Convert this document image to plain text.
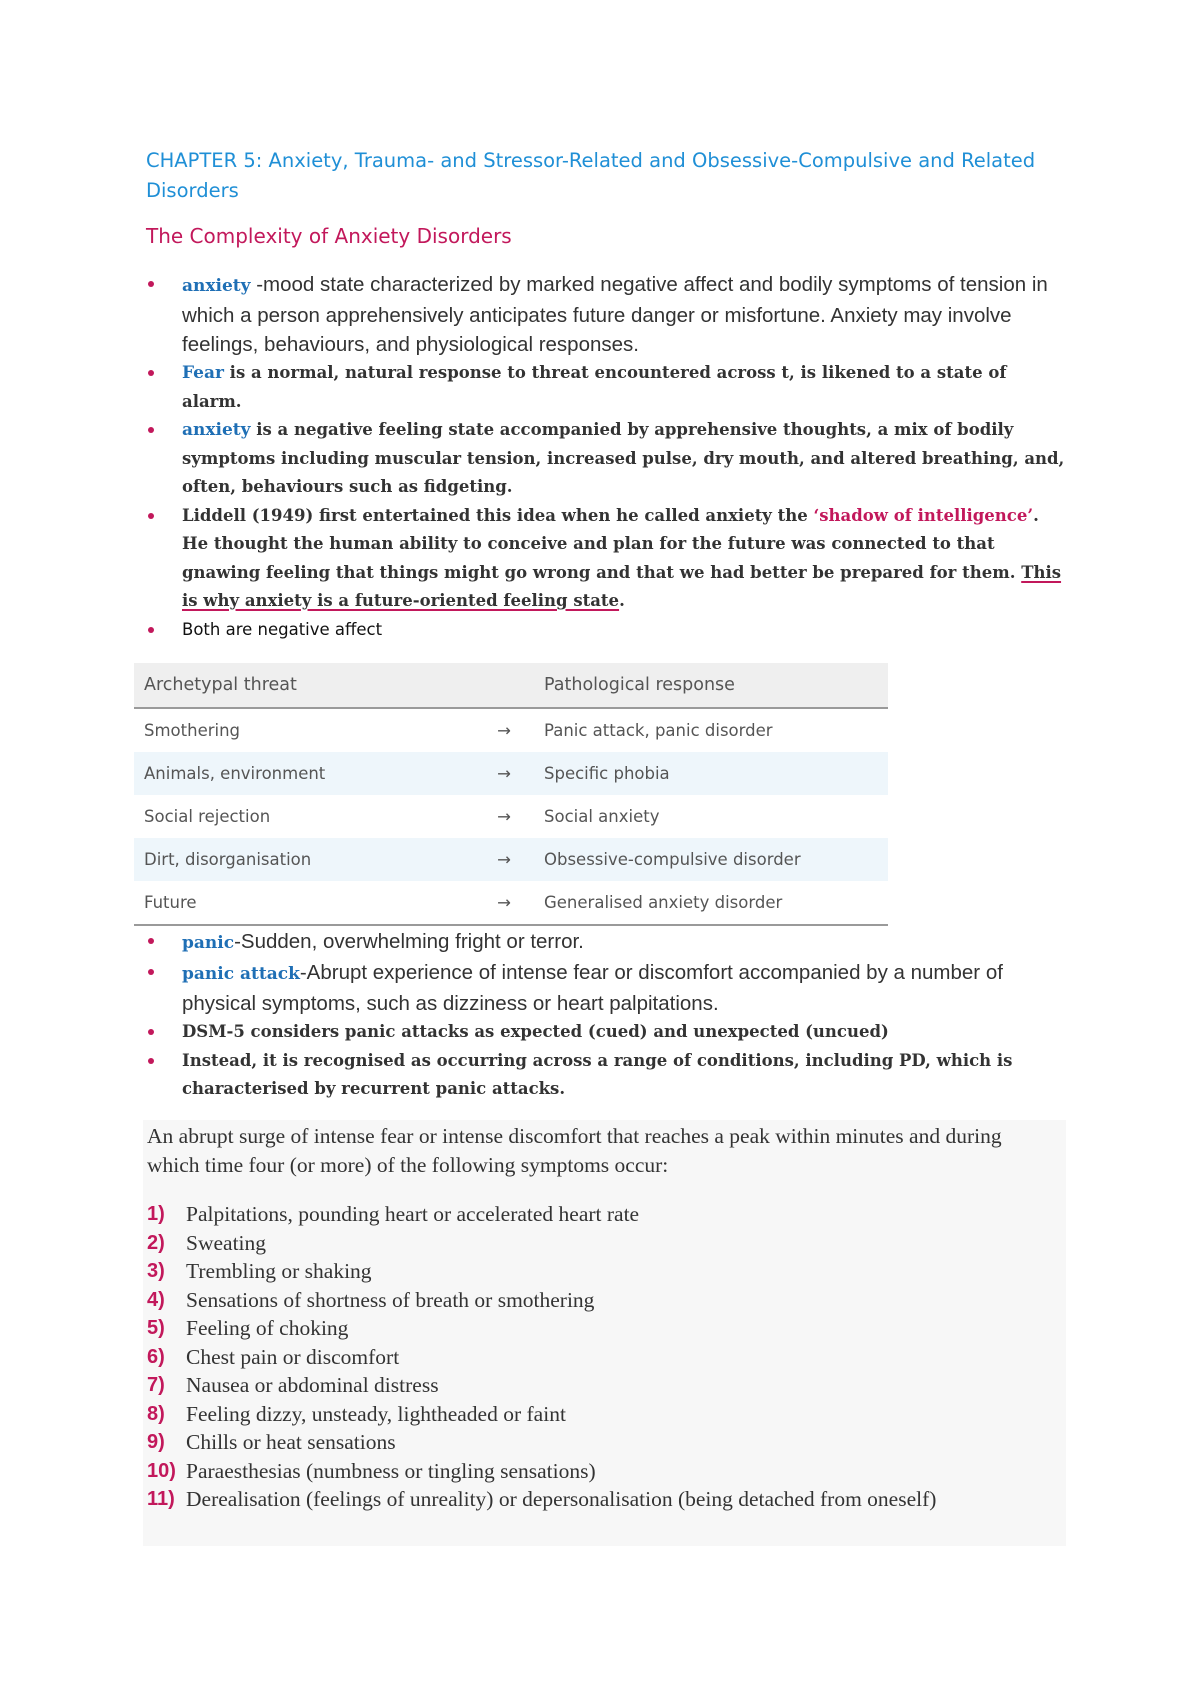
CHAPTER 5: Anxiety, Trauma- and Stressor-Related and Obsessive-Compulsive and Related Disorders
The Complexity of Anxiety Disorders
anxiety -mood state characterized by marked negative affect and bodily symptoms of tension in which a person apprehensively anticipates future danger or misfortune. Anxiety may involve feelings, behaviours, and physiological responses.
Fear is a normal, natural response to threat encountered across t, is likened to a state of alarm.
anxiety is a negative feeling state accompanied by apprehensive thoughts, a mix of bodily symptoms including muscular tension, increased pulse, dry mouth, and altered breathing, and, often, behaviours such as fidgeting.
Liddell (1949) first entertained this idea when he called anxiety the ‘shadow of intelligence’. He thought the human ability to conceive and plan for the future was connected to that gnawing feeling that things might go wrong and that we had better be prepared for them. This is why anxiety is a future-oriented feeling state.
Both are negative affect
Archetypal threat		Pathological response
Smothering	→	Panic attack, panic disorder
Animals, environment	→	Specific phobia
Social rejection	→	Social anxiety
Dirt, disorganisation	→	Obsessive-compulsive disorder
Future	→	Generalised anxiety disorder
panic-Sudden, overwhelming fright or terror.
panic attack-Abrupt experience of intense fear or discomfort accompanied by a number of physical symptoms, such as dizziness or heart palpitations.
DSM-5 considers panic attacks as expected (cued) and unexpected (uncued)
Instead, it is recognised as occurring across a range of conditions, including PD, which is characterised by recurrent panic attacks.

An abrupt surge of intense fear or intense discomfort that reaches a peak within minutes and during which time four (or more) of the following symptoms occur:

1) Palpitations, pounding heart or accelerated heart rate
2) Sweating
3) Trembling or shaking
4) Sensations of shortness of breath or smothering
5) Feeling of choking
6) Chest pain or discomfort
7) Nausea or abdominal distress
8) Feeling dizzy, unsteady, lightheaded or faint
9) Chills or heat sensations
10) Paraesthesias (numbness or tingling sensations)
11) Derealisation (feelings of unreality) or depersonalisation (being detached from oneself)
